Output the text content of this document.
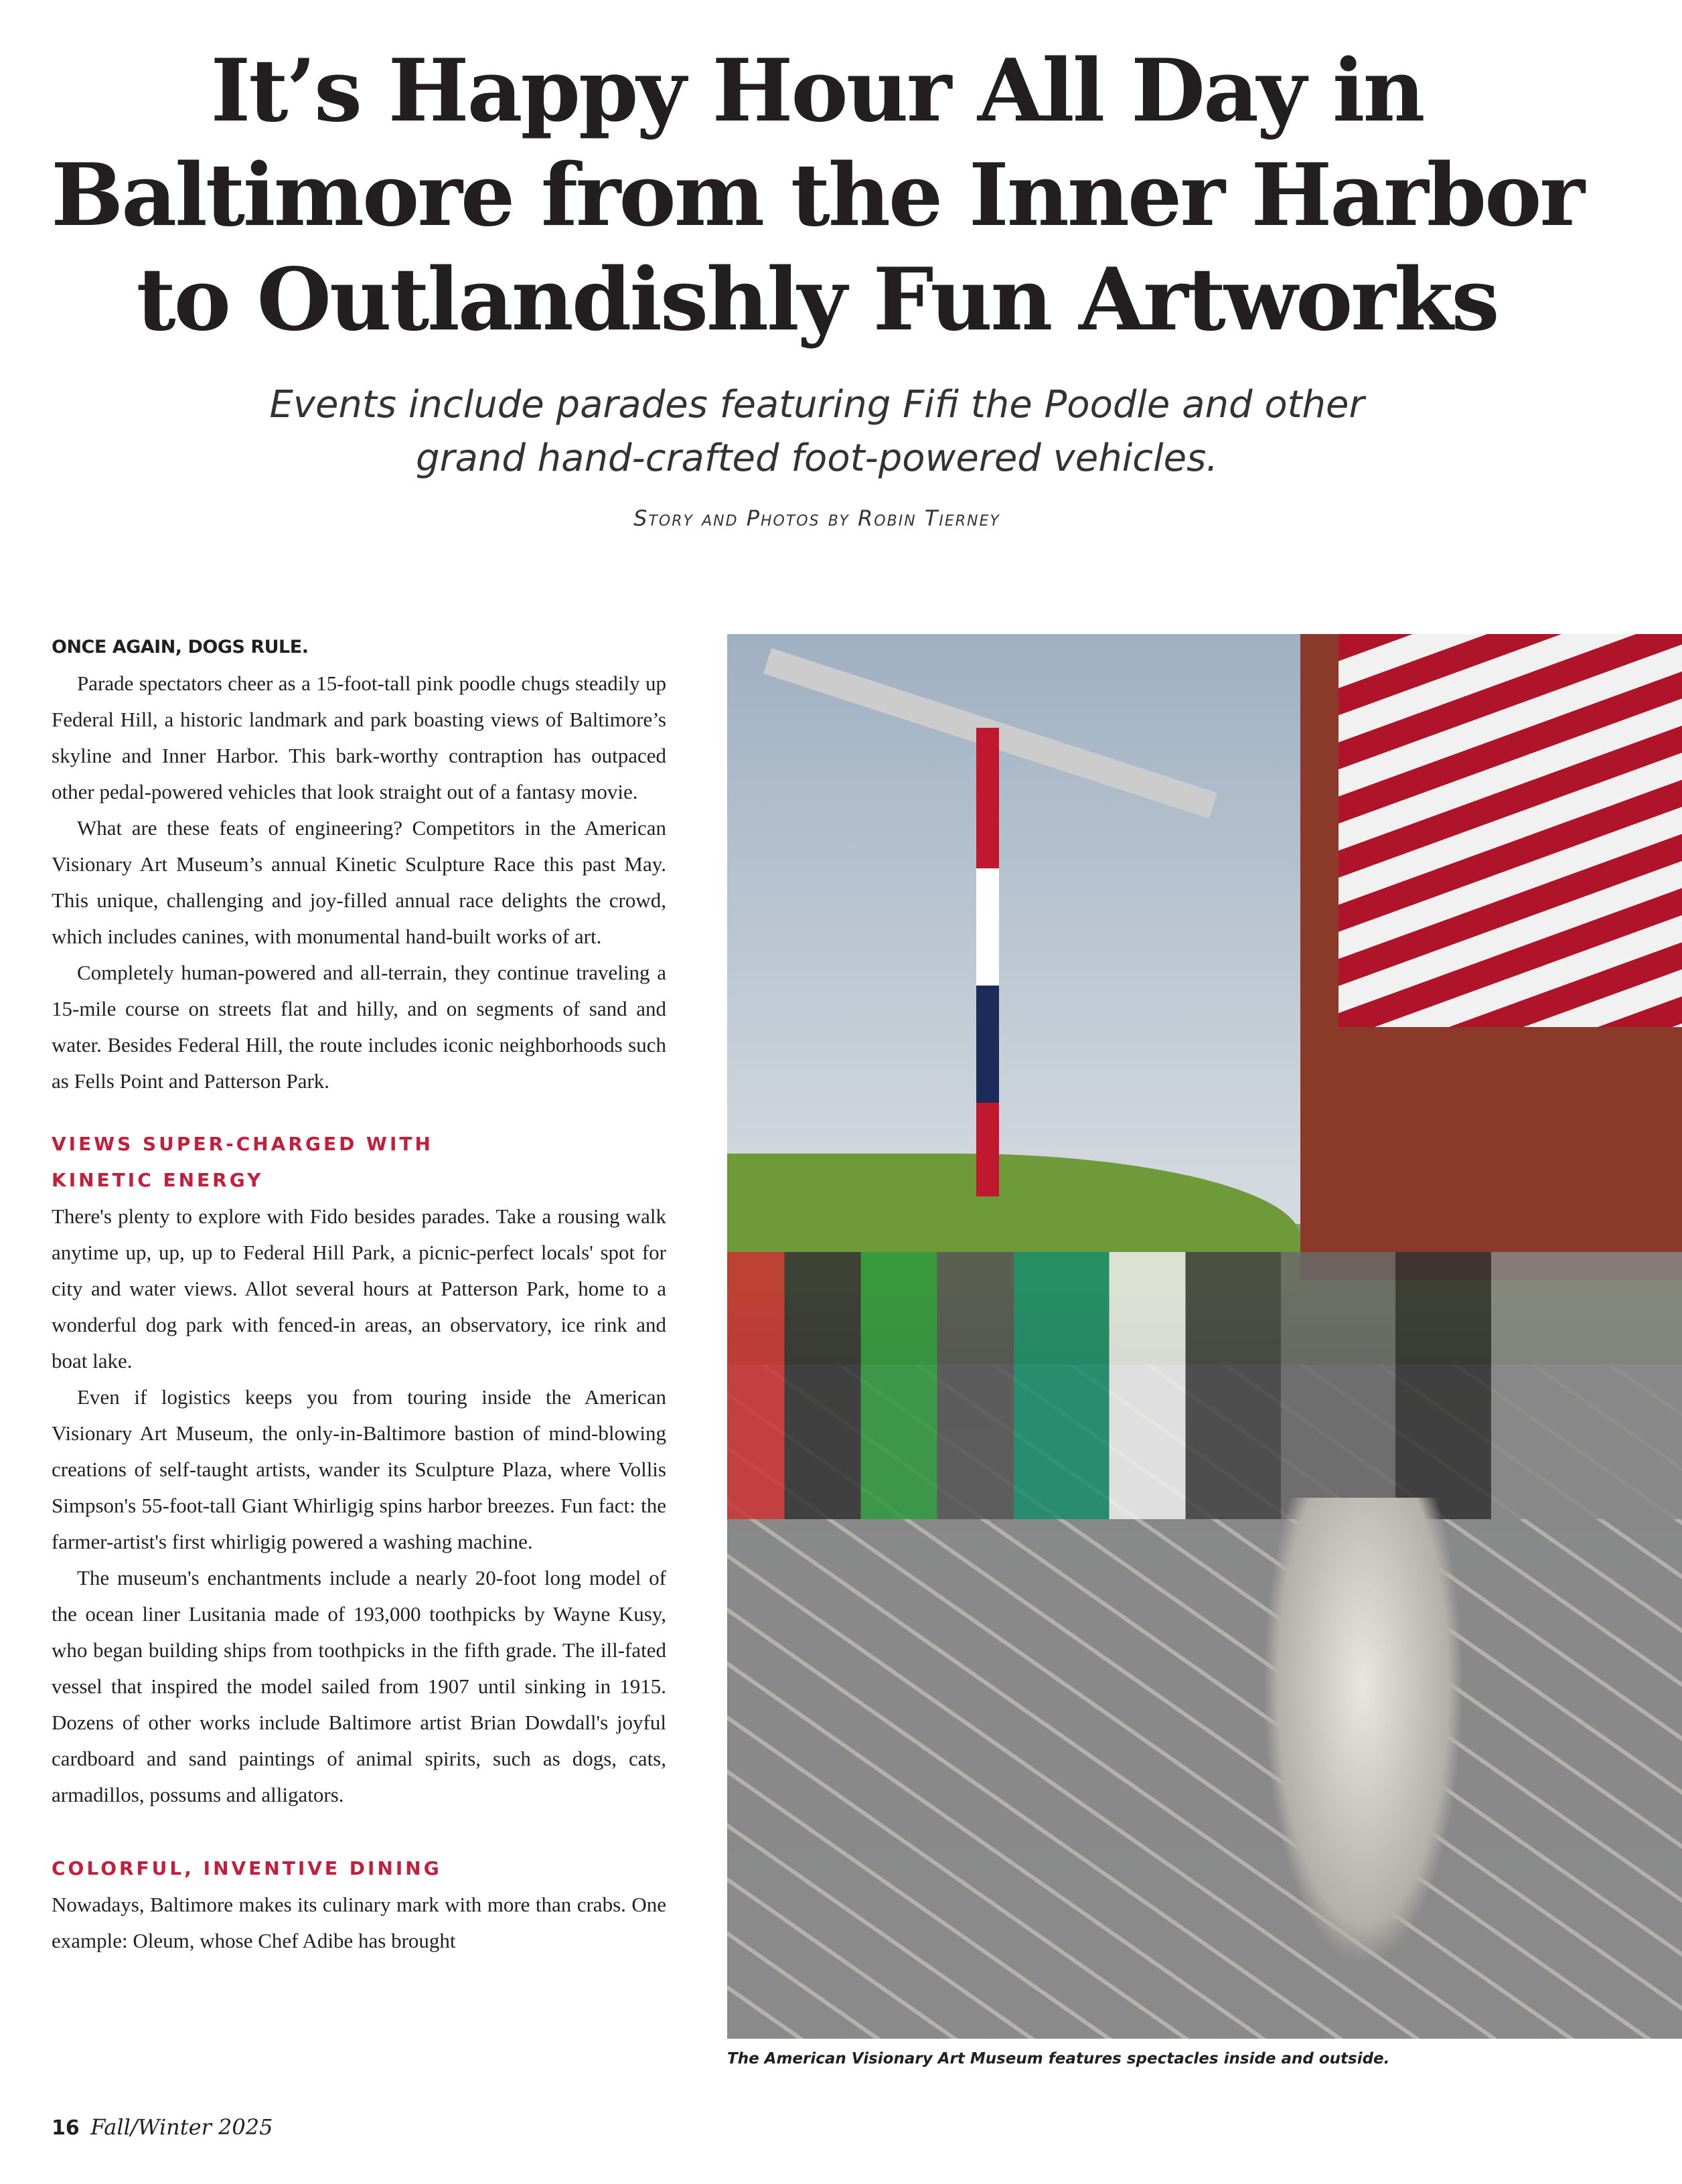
It’s Happy Hour All Day in
Baltimore from the Inner Harbor
to Outlandishly Fun Artworks
Events include parades featuring Fifi the Poodle and other
grand hand-crafted foot-powered vehicles.
Story and Photos by Robin Tierney

ONCE AGAIN, DOGS RULE.

Parade spectators cheer as a 15-foot-tall pink poodle chugs steadily up Federal Hill, a historic landmark and park boasting views of Baltimore’s skyline and Inner Harbor. This bark-worthy contraption has outpaced other pedal-powered vehicles that look straight out of a fantasy movie.

What are these feats of engineering? Competitors in the American Visionary Art Museum’s annual Kinetic Sculpture Race this past May. This unique, challenging and joy-filled annual race delights the crowd, which includes canines, with monumental hand-built works of art.

Completely human-powered and all-terrain, they continue traveling a 15-mile course on streets flat and hilly, and on segments of sand and water. Besides Federal Hill, the route includes iconic neighborhoods such as Fells Point and Patterson Park.

VIEWS SUPER-CHARGED WITH

KINETIC ENERGY

There's plenty to explore with Fido besides parades. Take a rousing walk anytime up, up, up to Federal Hill Park, a picnic-perfect locals' spot for city and water views. Allot several hours at Patterson Park, home to a wonderful dog park with fenced-in areas, an observatory, ice rink and boat lake.

Even if logistics keeps you from touring inside the American Visionary Art Museum, the only-in-Baltimore bastion of mind-blowing creations of self-taught artists, wander its Sculpture Plaza, where Vollis Simpson's 55-foot-tall Giant Whirligig spins harbor breezes. Fun fact: the farmer-artist's first whirligig powered a washing machine.

The museum's enchantments include a nearly 20-foot long model of the ocean liner Lusitania made of 193,000 toothpicks by Wayne Kusy, who began building ships from toothpicks in the fifth grade. The ill-fated vessel that inspired the model sailed from 1907 until sinking in 1915. Dozens of other works include Baltimore artist Brian Dowdall's joyful cardboard and sand paintings of animal spirits, such as dogs, cats, armadillos, possums and alligators.

COLORFUL, INVENTIVE DINING

Nowadays, Baltimore makes its culinary mark with more than crabs. One example: Oleum, whose Chef Adibe has brought

The American Visionary Art Museum features spectacles inside and outside.
16 Fall/Winter 2025
